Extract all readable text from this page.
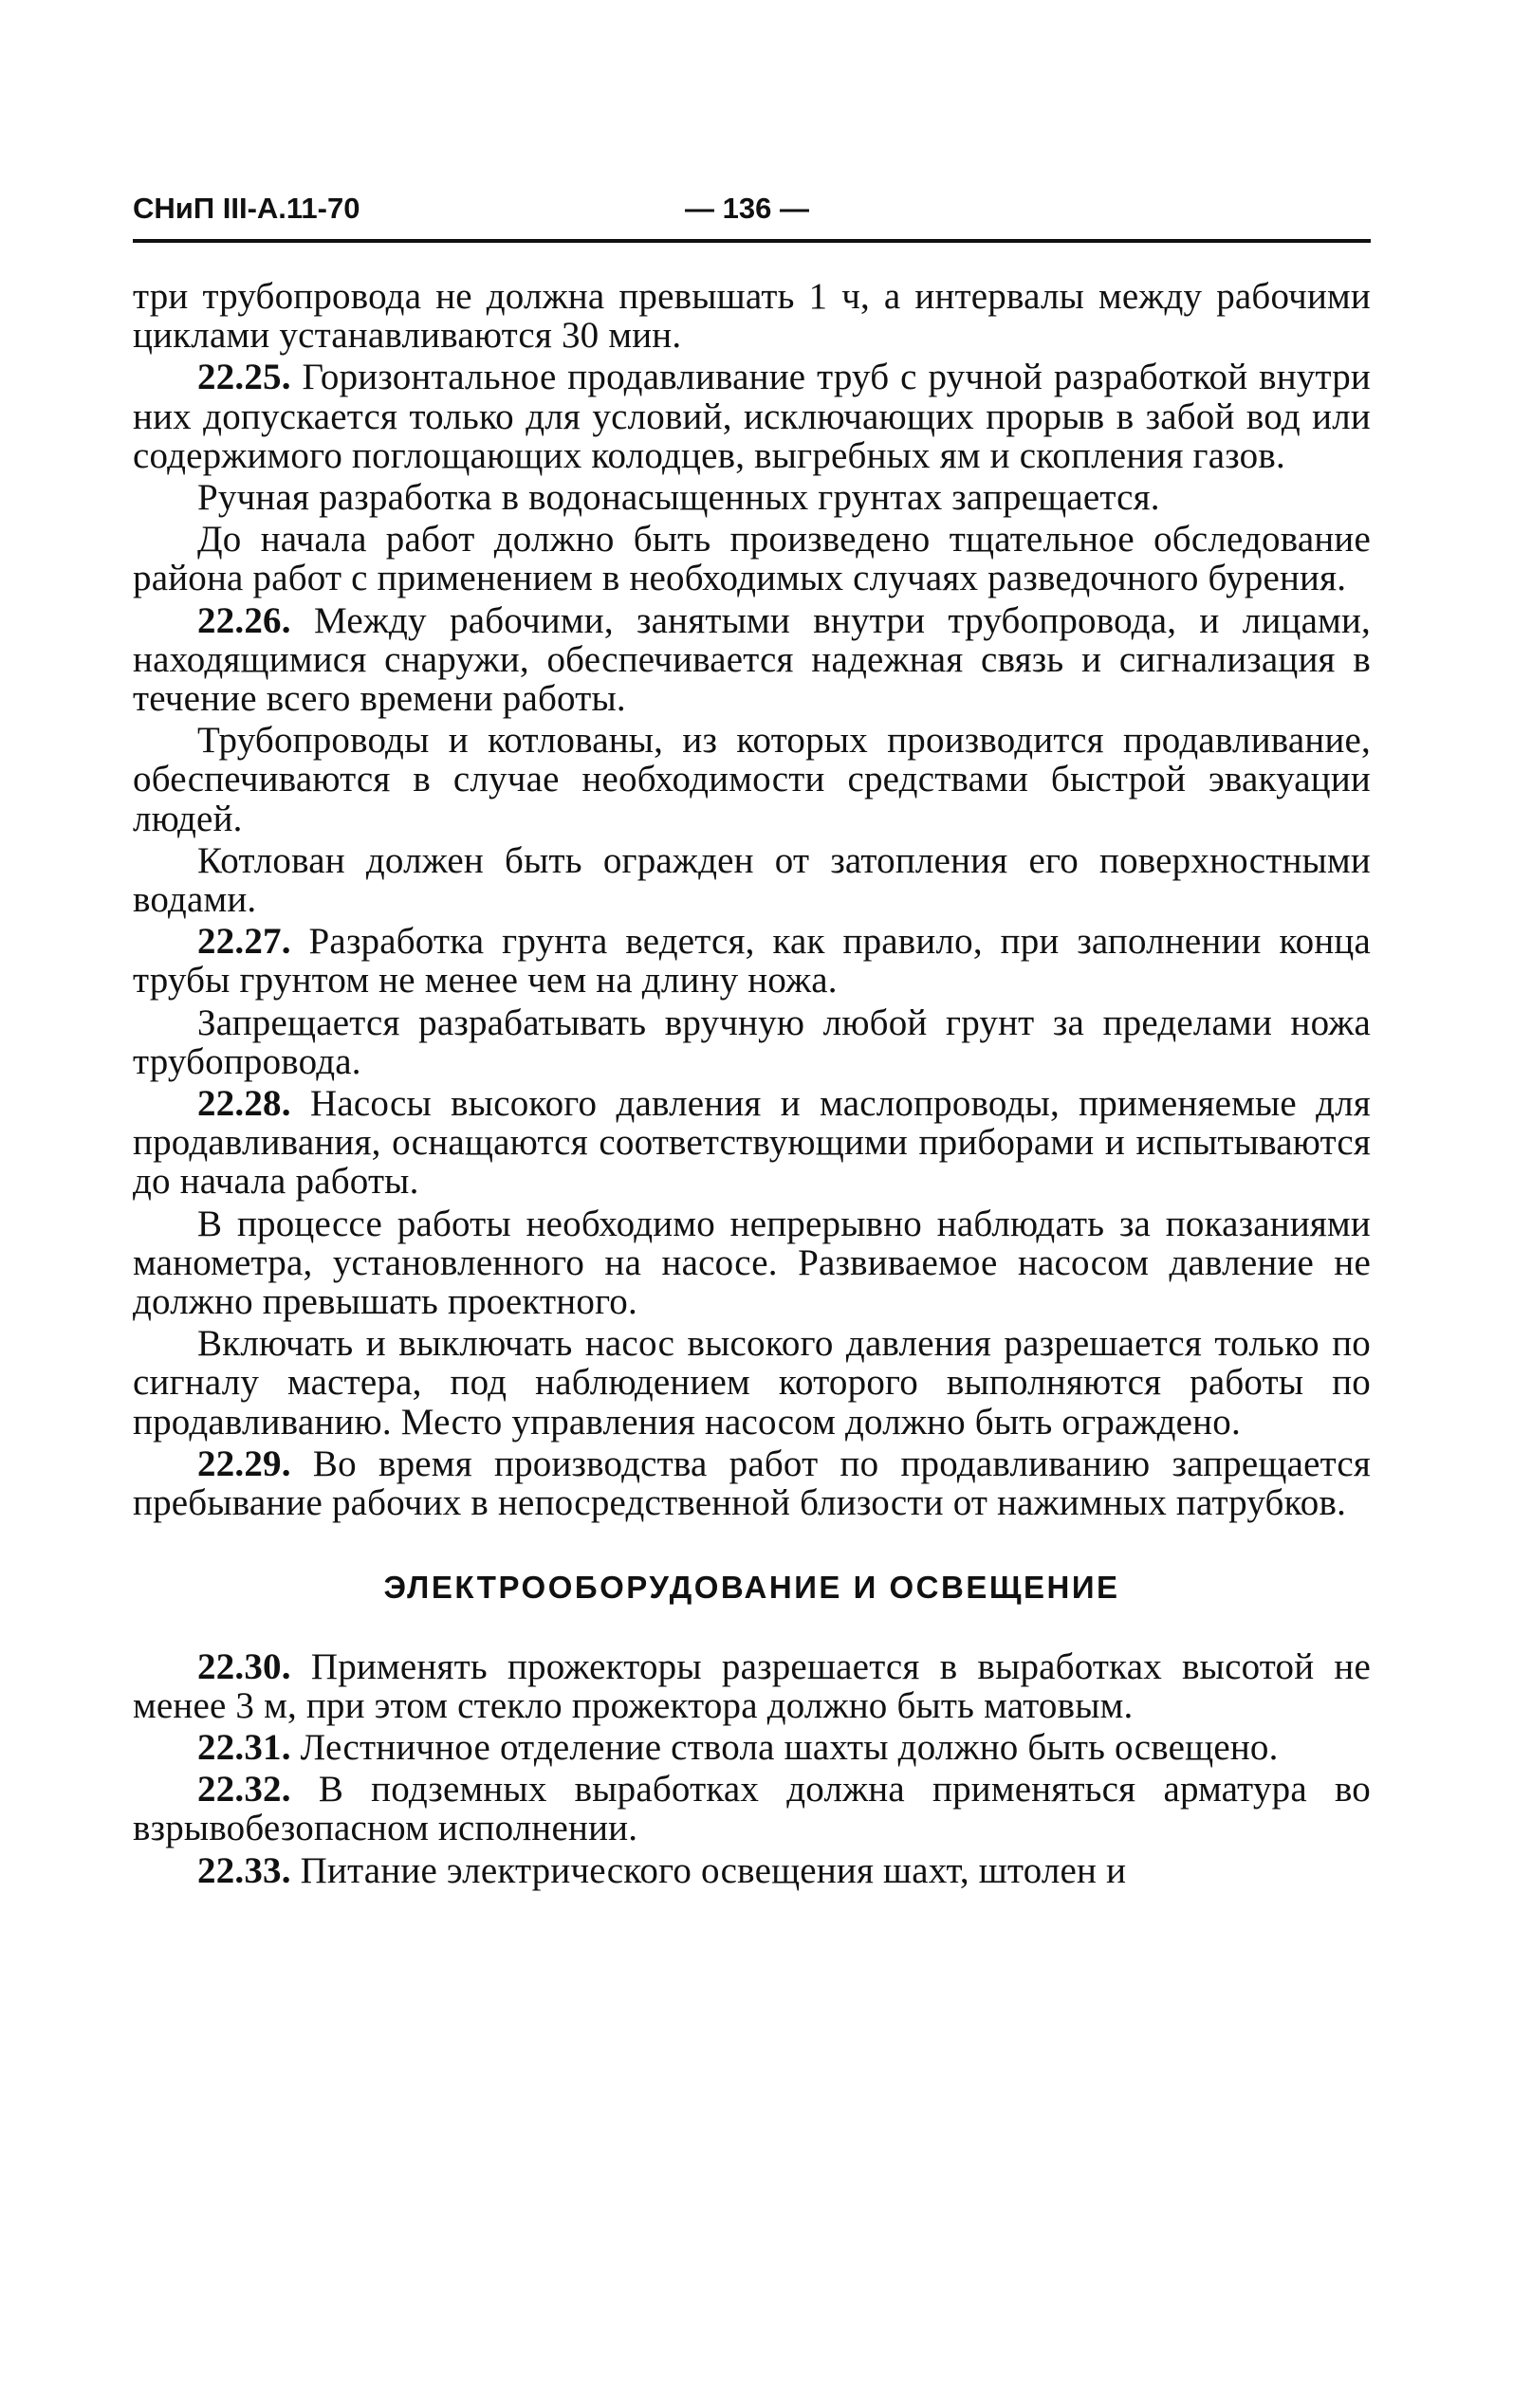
СНиП III-А.11-70	— 136 —

три трубопровода не должна превышать 1 ч, а интервалы между рабочими циклами устанавливаются 30 мин.

22.25. Горизонтальное продавливание труб с ручной разработкой внутри них допускается только для условий, исключающих прорыв в забой вод или содержимого поглощающих колодцев, выгребных ям и скопления газов.

Ручная разработка в водонасыщенных грунтах запрещается.

До начала работ должно быть произведено тщательное обследование района работ с применением в необходимых случаях разведочного бурения.

22.26. Между рабочими, занятыми внутри трубопровода, и лицами, находящимися снаружи, обеспечивается надежная связь и сигнализация в течение всего времени работы.

Трубопроводы и котлованы, из которых производится продавливание, обеспечиваются в случае необходимости средствами быстрой эвакуации людей.

Котлован должен быть огражден от затопления его поверхностными водами.

22.27. Разработка грунта ведется, как правило, при заполнении конца трубы грунтом не менее чем на длину ножа.

Запрещается разрабатывать вручную любой грунт за пределами ножа трубопровода.

22.28. Насосы высокого давления и маслопроводы, применяемые для продавливания, оснащаются соответствующими приборами и испытываются до начала работы.

В процессе работы необходимо непрерывно наблюдать за показаниями манометра, установленного на насосе. Развиваемое насосом давление не должно превышать проектного.

Включать и выключать насос высокого давления разрешается только по сигналу мастера, под наблюдением которого выполняются работы по продавливанию. Место управления насосом должно быть ограждено.

22.29. Во время производства работ по продавливанию запрещается пребывание рабочих в непосредственной близости от нажимных патрубков.

ЭЛЕКТРООБОРУДОВАНИЕ И ОСВЕЩЕНИЕ

22.30. Применять прожекторы разрешается в выработках высотой не менее 3 м, при этом стекло прожектора должно быть матовым.

22.31. Лестничное отделение ствола шахты должно быть освещено.

22.32. В подземных выработках должна применяться арматура во взрывобезопасном исполнении.

22.33. Питание электрического освещения шахт, штолен и
